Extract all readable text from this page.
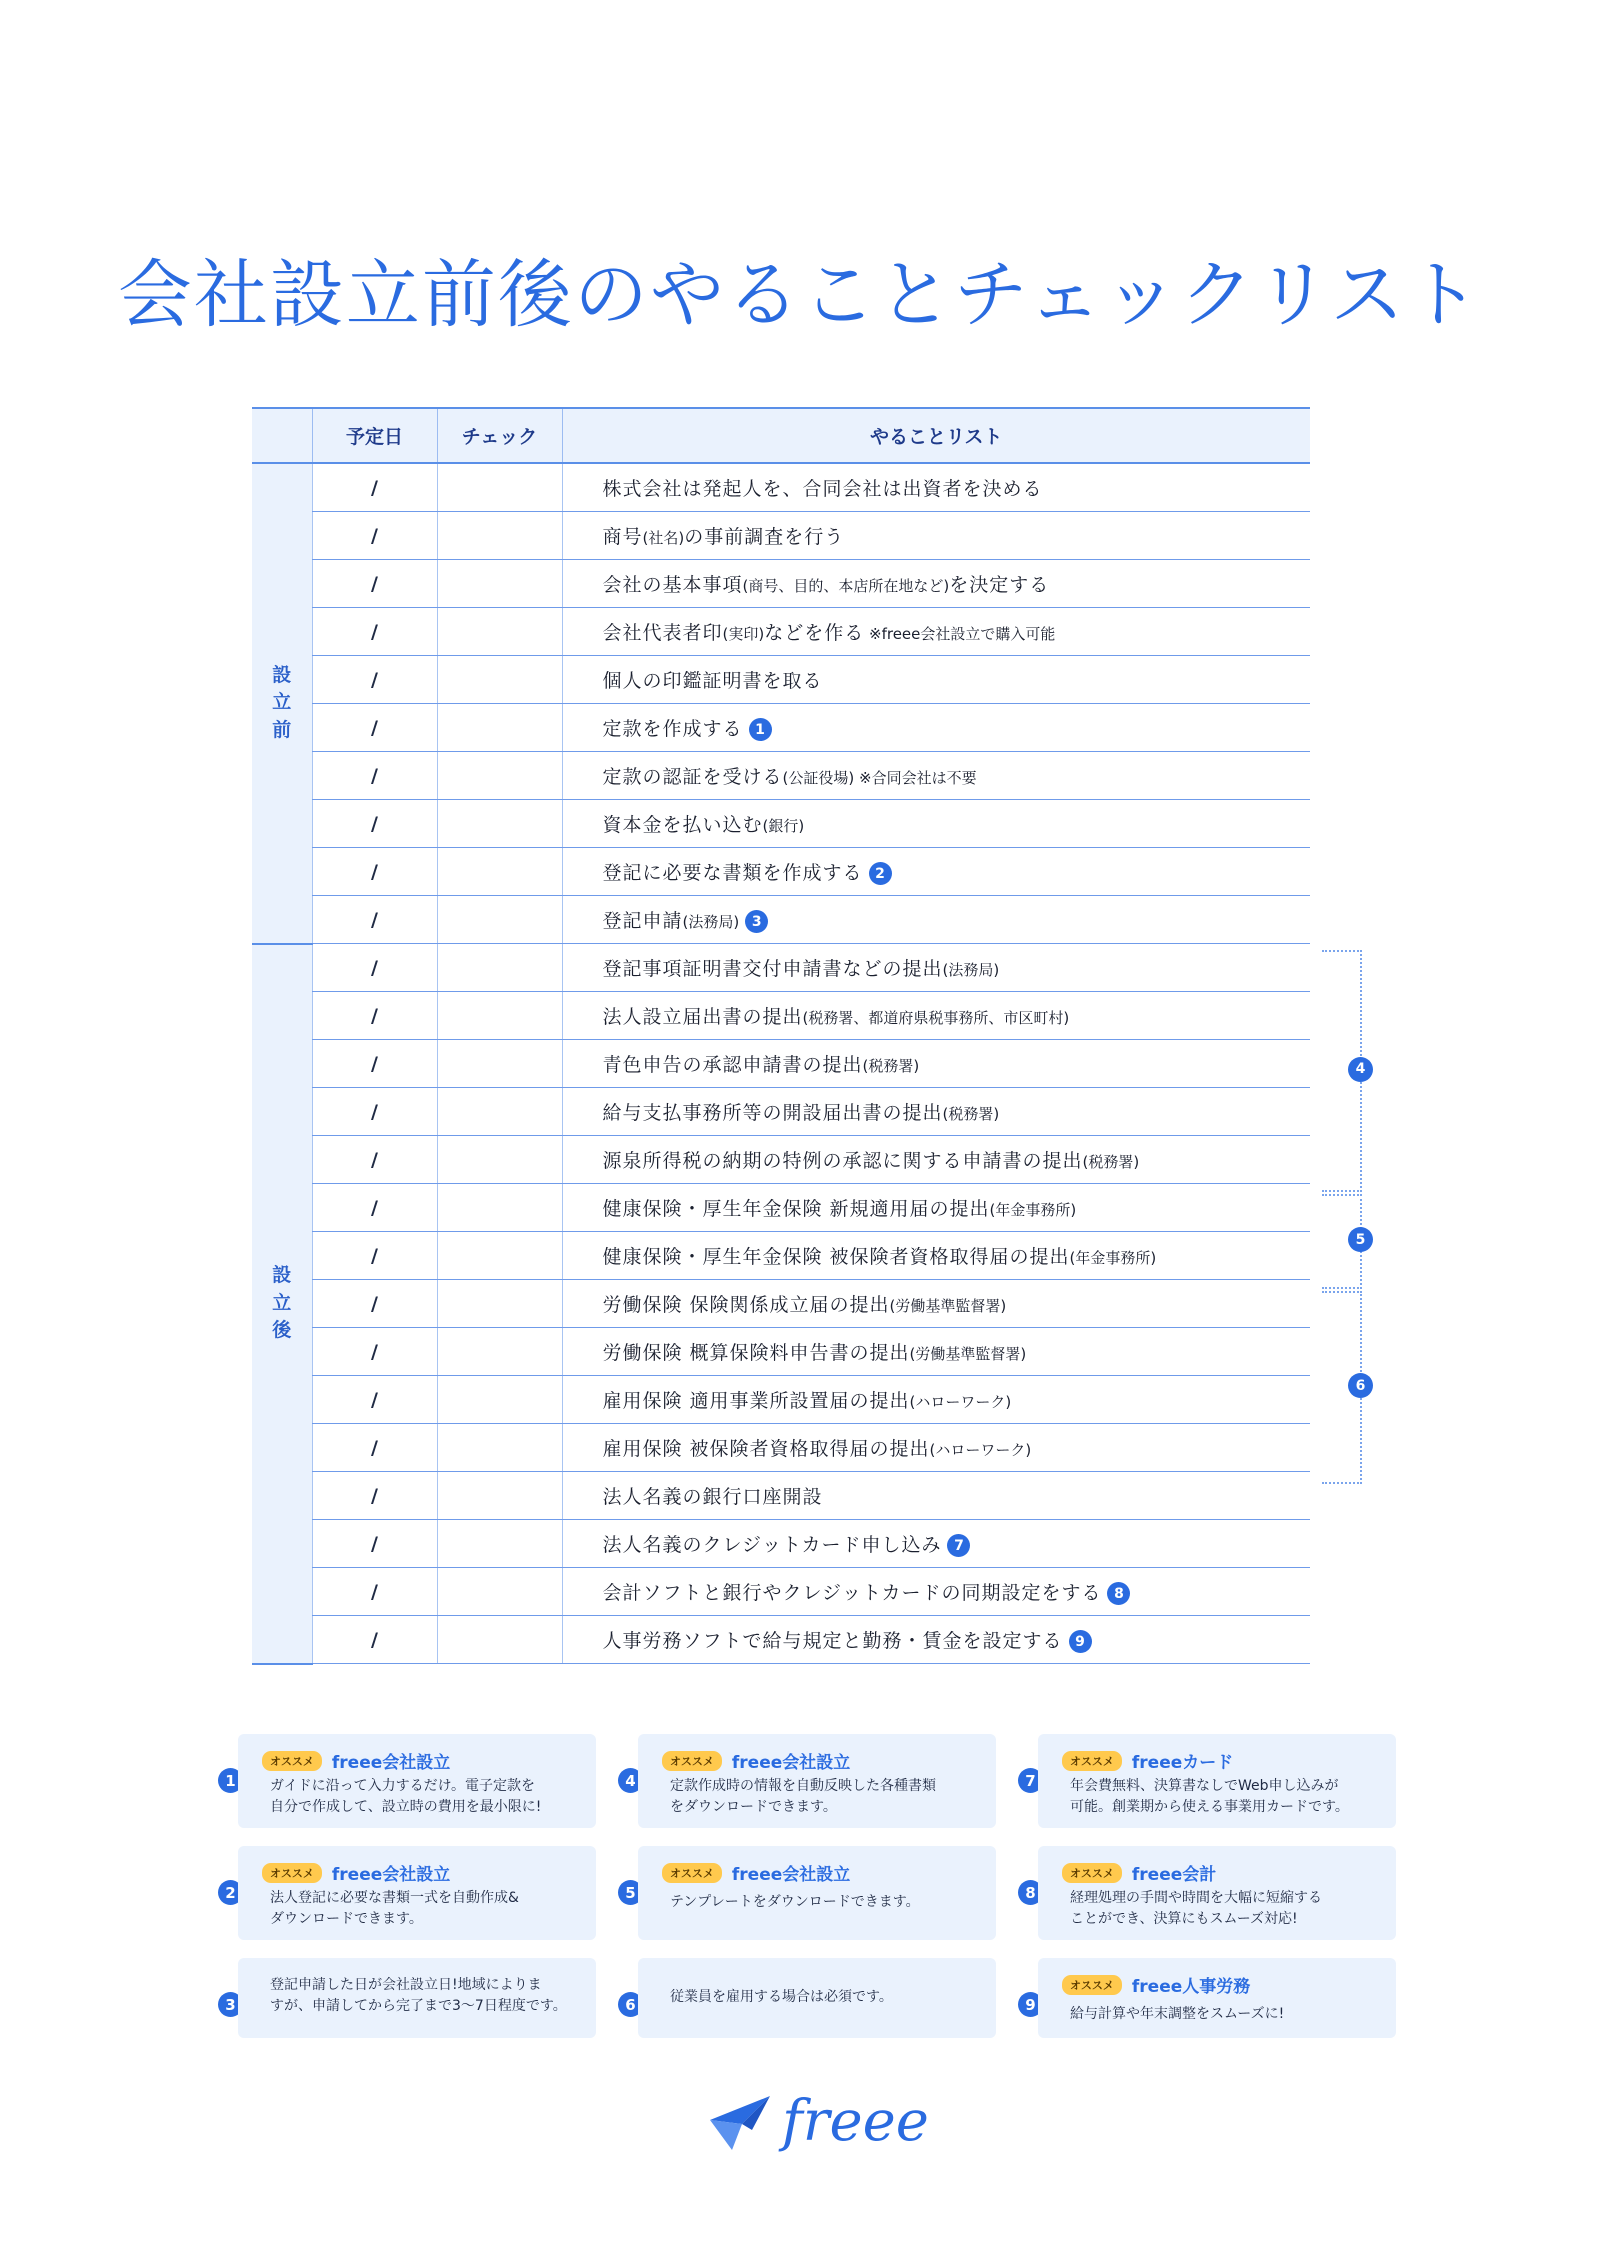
会社設立前後のやることチェックリスト
	予定日	チェック	やることリスト
設立前	/		株式会社は発起人を、合同会社は出資者を決める
	/		商号(社名)の事前調査を行う
	/		会社の基本事項(商号、目的、本店所在地など)を決定する
	/		会社代表者印(実印)などを作る ※freee会社設立で購入可能
	/		個人の印鑑証明書を取る
	/		定款を作成する 1
	/		定款の認証を受ける(公証役場) ※合同会社は不要
	/		資本金を払い込む(銀行)
	/		登記に必要な書類を作成する 2
	/		登記申請(法務局) 3
設立後	/		登記事項証明書交付申請書などの提出(法務局)
	/		法人設立届出書の提出(税務署、都道府県税事務所、市区町村)
	/		青色申告の承認申請書の提出(税務署)
	/		給与支払事務所等の開設届出書の提出(税務署)
	/		源泉所得税の納期の特例の承認に関する申請書の提出(税務署)
	/		健康保険・厚生年金保険 新規適用届の提出(年金事務所)
	/		健康保険・厚生年金保険 被保険者資格取得届の提出(年金事務所)
	/		労働保険 保険関係成立届の提出(労働基準監督署)
	/		労働保険 概算保険料申告書の提出(労働基準監督署)
	/		雇用保険 適用事業所設置届の提出(ハローワーク)
	/		雇用保険 被保険者資格取得届の提出(ハローワーク)
	/		法人名義の銀行口座開設
	/		法人名義のクレジットカード申し込み 7
	/		会計ソフトと銀行やクレジットカードの同期設定をする 8
	/		人事労務ソフトで給与規定と勤務・賃金を設定する 9
4
5
6
1
オススメ	freee会社設立
ガイドに沿って入力するだけ。電子定款を
自分で作成して、設立時の費用を最小限に!
4
オススメ	freee会社設立
定款作成時の情報を自動反映した各種書類
をダウンロードできます。
7
オススメ	freeeカード
年会費無料、決算書なしでWeb申し込みが
可能。創業期から使える事業用カードです。
2
オススメ	freee会社設立
法人登記に必要な書類一式を自動作成&
ダウンロードできます。
5
オススメ	freee会社設立
テンプレートをダウンロードできます。
8
オススメ	freee会計
経理処理の手間や時間を大幅に短縮する
ことができ、決算にもスムーズ対応!
3
登記申請した日が会社設立日!地域によりま
すが、申請してから完了まで3〜7日程度です。	6	従業員を雇用する場合は必須です。	9
オススメ	freee人事労務
給与計算や年末調整をスムーズに!
freee
